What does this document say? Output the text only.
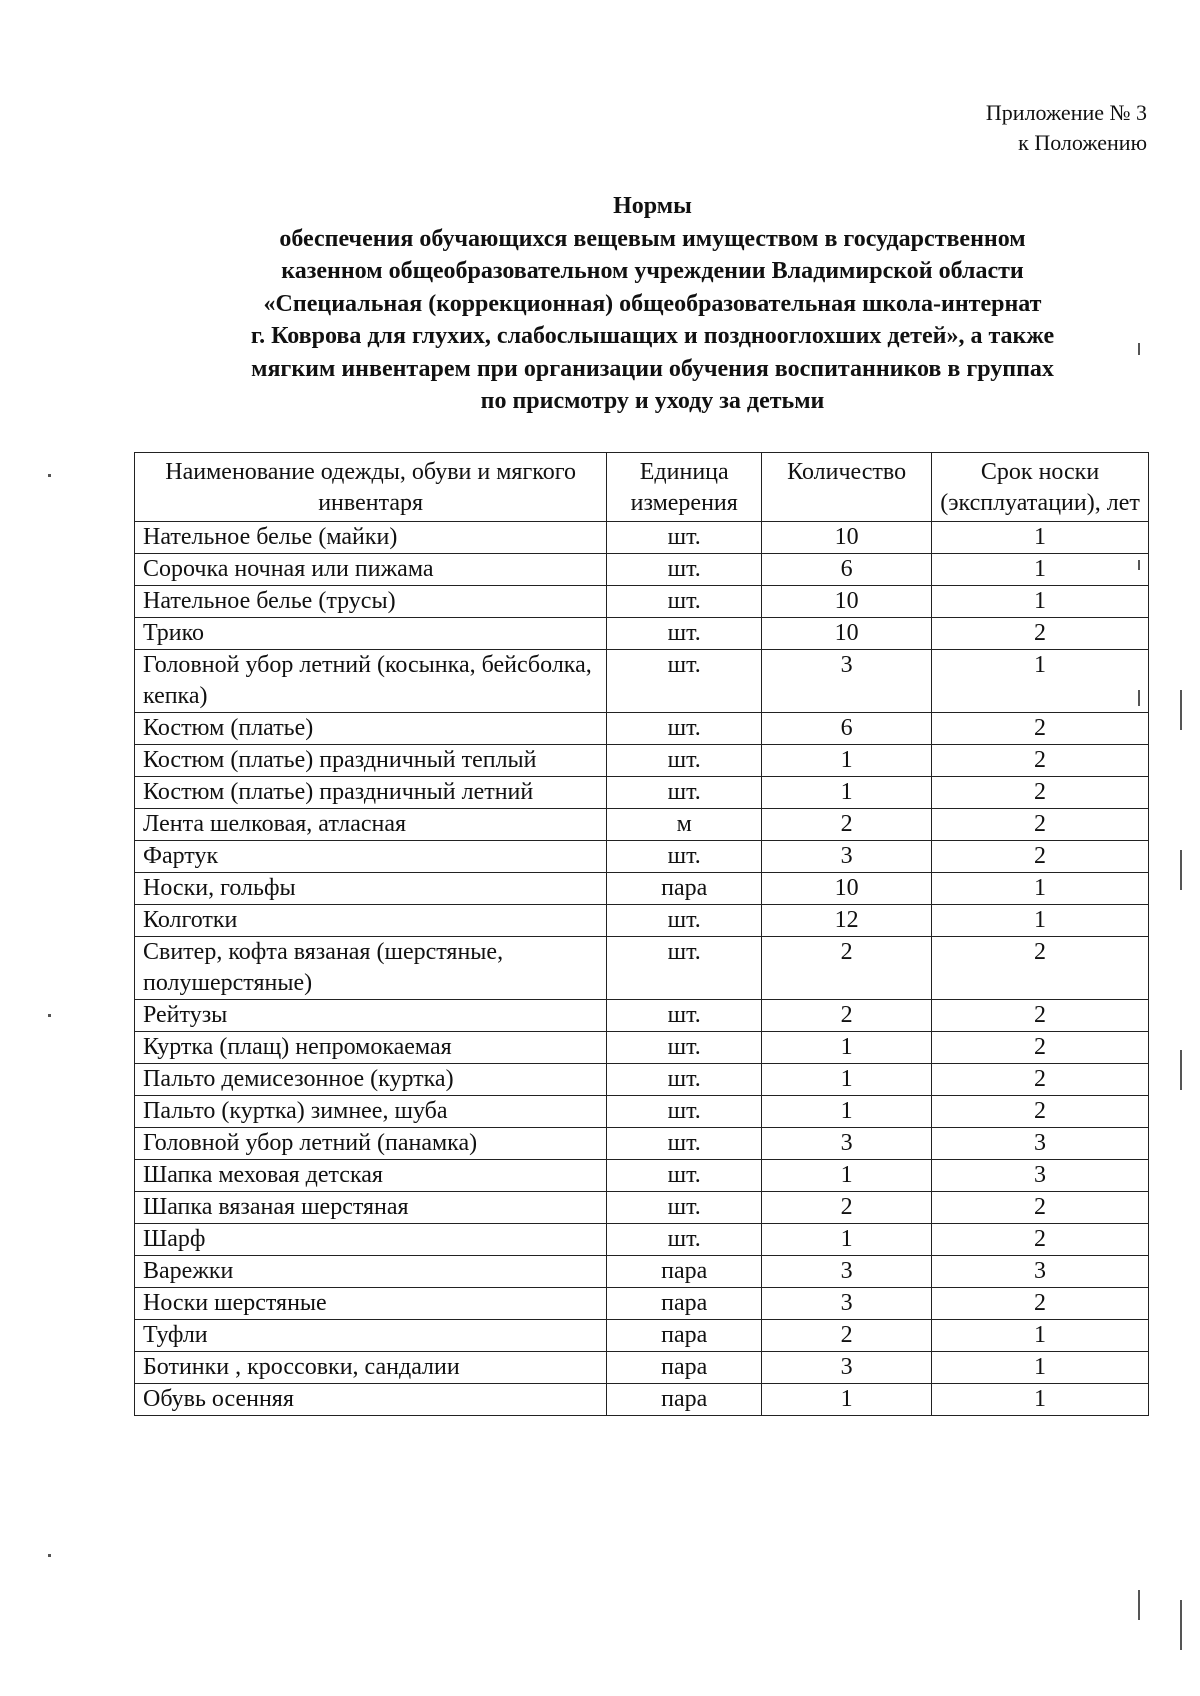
Приложение № 3
к Положению
Нормы
обеспечения обучающихся вещевым имуществом в государственном
казенном общеобразовательном учреждении Владимирской области
«Специальная (коррекционная) общеобразовательная школа-интернат
г. Коврова для глухих, слабослышащих и позднооглохших детей», а также
мягким инвентарем при организации обучения воспитанников в группах
по присмотру и уходу за детьми
Наименование одежды, обуви и мягкого инвентаря	Единица измерения	Количество	Срок носки (эксплуатации), лет
Нательное белье (майки)	шт.	10	1
Сорочка ночная или пижама	шт.	6	1
Нательное белье (трусы)	шт.	10	1
Трико	шт.	10	2
Головной убор летний (косынка, бейсболка, кепка)	шт.	3	1
Костюм (платье)	шт.	6	2
Костюм (платье) праздничный теплый	шт.	1	2
Костюм (платье) праздничный летний	шт.	1	2
Лента шелковая, атласная	м	2	2
Фартук	шт.	3	2
Носки, гольфы	пара	10	1
Колготки	шт.	12	1
Свитер, кофта вязаная (шерстяные, полушерстяные)	шт.	2	2
Рейтузы	шт.	2	2
Куртка (плащ) непромокаемая	шт.	1	2
Пальто демисезонное (куртка)	шт.	1	2
Пальто (куртка) зимнее, шуба	шт.	1	2
Головной убор летний (панамка)	шт.	3	3
Шапка меховая детская	шт.	1	3
Шапка вязаная шерстяная	шт.	2	2
Шарф	шт.	1	2
Варежки	пара	3	3
Носки шерстяные	пара	3	2
Туфли	пара	2	1
Ботинки , кроссовки, сандалии	пара	3	1
Обувь осенняя	пара	1	1
